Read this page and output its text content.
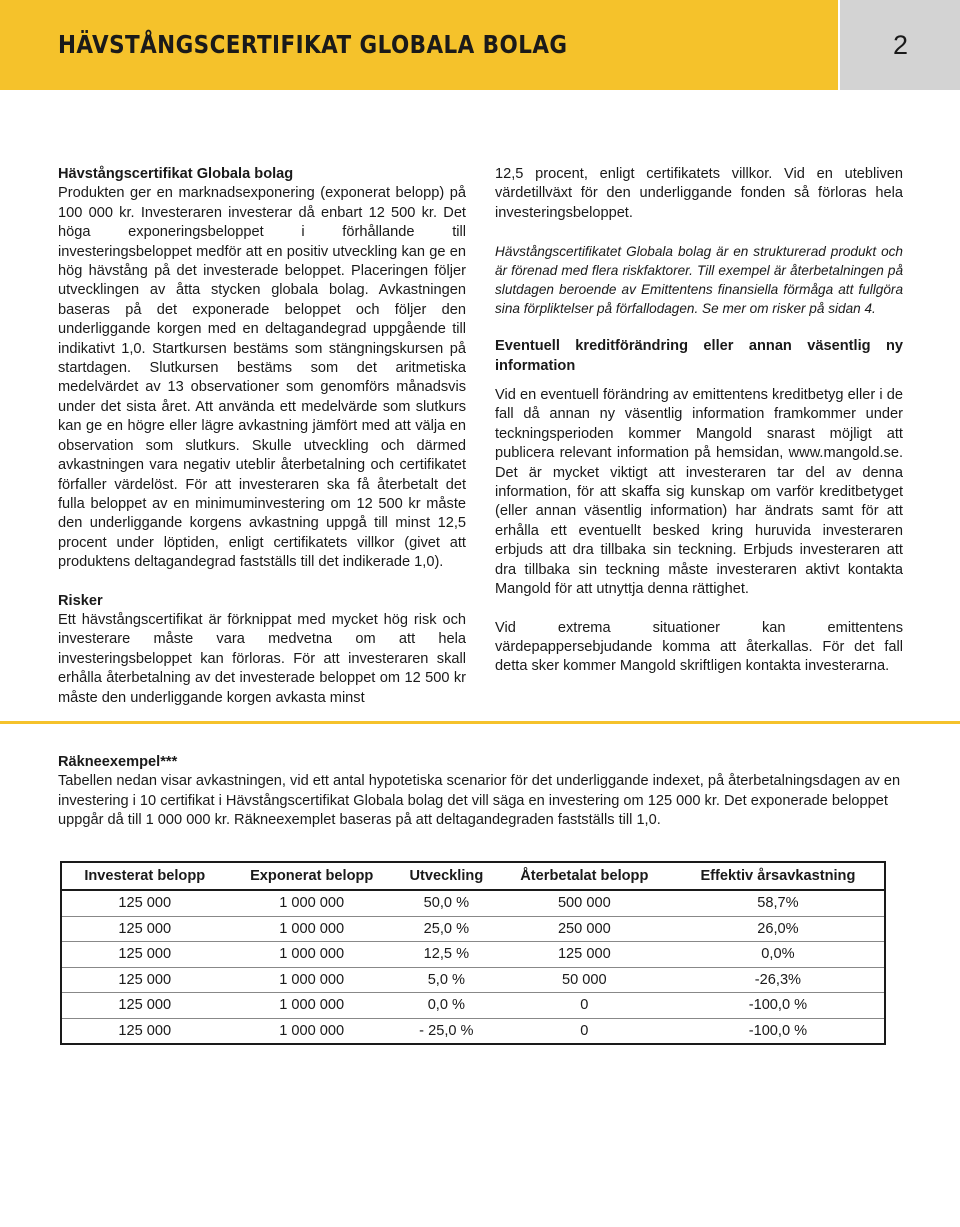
HÄVSTÅNGSCERTIFIKAT GLOBALA BOLAG	2

Hävstångscertifikat Globala bolag

Produkten ger en marknadsexponering (exponerat belopp) på 100 000 kr. Investeraren investerar då enbart 12 500 kr. Det höga exponeringsbeloppet i förhållande till investeringsbeloppet medför att en positiv utveckling kan ge en hög hävstång på det investerade beloppet. Placeringen följer utvecklingen av åtta stycken globala bolag. Avkastningen baseras på det exponerade beloppet och följer den underliggande korgen med en deltagandegrad uppgående till indikativt 1,0. Startkursen bestäms som stängningskursen på startdagen. Slutkursen bestäms som det aritmetiska medelvärdet av 13 observationer som genomförs månadsvis under det sista året. Att använda ett medelvärde som slutkurs kan ge en högre eller lägre avkastning jämfört med att välja en observation som slutkurs. Skulle utveckling och därmed avkastningen vara negativ uteblir återbetalning och certifikatet förfaller värdelöst. För att investeraren ska få återbetalt det fulla beloppet av en minimuminvestering om 12 500 kr måste den underliggande korgens avkastning uppgå till minst 12,5 procent under löptiden, enligt certifikatets villkor (givet att produktens deltagandegrad fastställs till det indikerade 1,0).

Risker

Ett hävstångscertifikat är förknippat med mycket hög risk och investerare måste vara medvetna om att hela investeringsbeloppet kan förloras. För att investeraren skall erhålla återbetalning av det investerade beloppet om 12 500 kr måste den underliggande korgen avkasta minst

12,5 procent, enligt certifikatets villkor. Vid en utebliven värdetillväxt för den underliggande fonden så förloras hela investeringsbeloppet.

Hävstångscertifikatet Globala bolag är en strukturerad produkt och är förenad med flera riskfaktorer. Till exempel är återbetalningen på slutdagen beroende av Emittentens finansiella förmåga att fullgöra sina förpliktelser på förfallodagen. Se mer om risker på sidan 4.

Eventuell kreditförändring eller annan väsentlig ny information

Vid en eventuell förändring av emittentens kreditbetyg eller i de fall då annan ny väsentlig information framkommer under teckningsperioden kommer Mangold snarast möjligt att publicera relevant information på hemsidan, www.mangold.se. Det är mycket viktigt att investeraren tar del av denna information, för att skaffa sig kunskap om varför kreditbetyget (eller annan väsentlig information) har ändrats samt för att erhålla ett eventuellt besked kring huruvida investeraren erbjuds att dra tillbaka sin teckning. Erbjuds investeraren att dra tillbaka sin teckning måste investeraren aktivt kontakta Mangold för att utnyttja denna rättighet.

Vid extrema situationer kan emittentens värdepappersebjudande komma att återkallas. För det fall detta sker kommer Mangold skriftligen kontakta investerarna.

Räkneexempel***

Tabellen nedan visar avkastningen, vid ett antal hypotetiska scenarior för det underliggande indexet, på återbetalningsdagen av en investering i 10 certifikat i Hävstångscertifikat Globala bolag det vill säga en investering om 125 000 kr. Det exponerade beloppet uppgår då till 1 000 000 kr. Räkneexemplet baseras på att deltagandegraden fastställs till 1,0.

Investerat belopp	Exponerat belopp	Utveckling	Återbetalat belopp	Effektiv årsavkastning
125 000	1 000 000	50,0 %	500 000	58,7%
125 000	1 000 000	25,0 %	250 000	26,0%
125 000	1 000 000	12,5 %	125 000	0,0%
125 000	1 000 000	5,0 %	50 000	-26,3%
125 000	1 000 000	0,0 %	0	-100,0 %
125 000	1 000 000	- 25,0 %	0	-100,0 %
